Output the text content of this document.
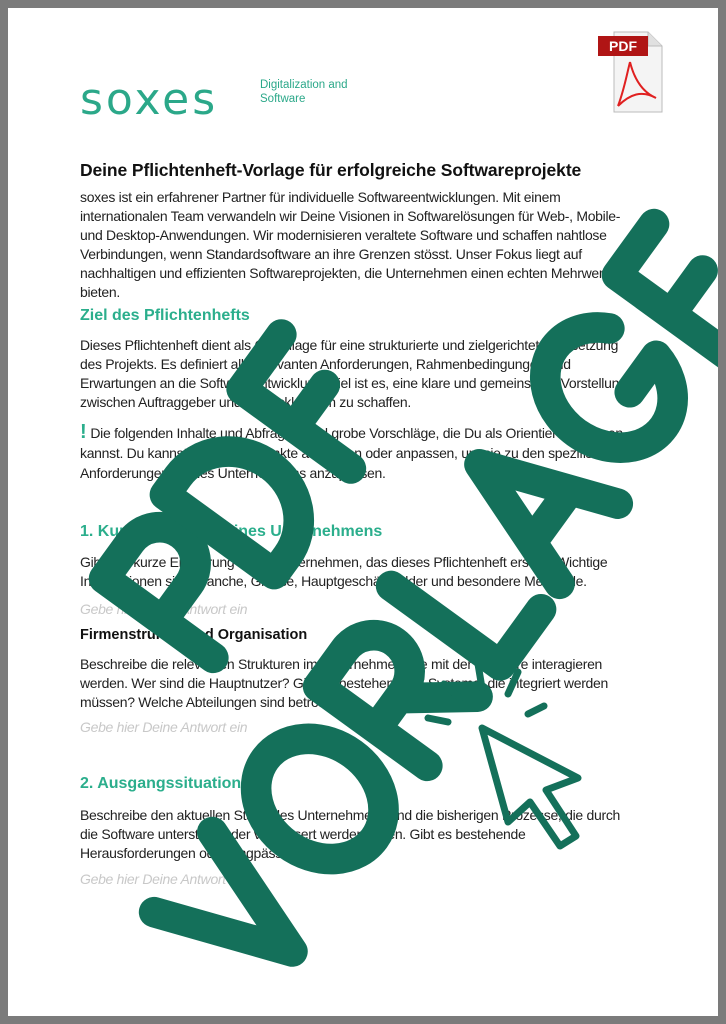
soxes	Digitalization and
Software
PDF
Deine Pflichtenheft-Vorlage für erfolgreiche Softwareprojekte
soxes ist ein erfahrener Partner für individuelle Softwareentwicklungen. Mit einem
internationalen Team verwandeln wir Deine Visionen in Softwarelösungen für Web-, Mobile-
und Desktop-Anwendungen. Wir modernisieren veraltete Software und schaffen nahtlose
Verbindungen, wenn Standardsoftware an ihre Grenzen stösst. Unser Fokus liegt auf
nachhaltigen und effizienten Softwareprojekten, die Unternehmen einen echten Mehrwert
bieten.
Ziel des Pflichtenhefts
Dieses Pflichtenheft dient als Grundlage für eine strukturierte und zielgerichtete Umsetzung
des Projekts. Es definiert alle relevanten Anforderungen, Rahmenbedingungen und
Erwartungen an die Softwareentwicklung. Ziel ist es, eine klare und gemeinsame Vorstellung
zwischen Auftraggeber und Entwicklerteam zu schaffen.
! Die folgenden Inhalte und Abfragen sind grobe Vorschläge, die Du als Orientierung nutzen
kannst. Du kannst bestimmte Punkte auslassen oder anpassen, um sie zu den spezifischen
Anforderungen Deines Unternehmens anzupassen.
1. Kurzbeschrieb Deines Unternehmens
Gib eine kurze Einführung in das Unternehmen, das dieses Pflichtenheft erstellt. Wichtige
Informationen sind Branche, Grösse, Hauptgeschäftsfelder und besondere Merkmale.
Gebe hier Deine Antwort ein
Firmenstruktur und Organisation
Beschreibe die relevanten Strukturen im Unternehmen, die mit der Software interagieren
werden. Wer sind die Hauptnutzer? Gibt es bestehende IT-Systeme, die integriert werden
müssen? Welche Abteilungen sind betroffen?
Gebe hier Deine Antwort ein
2. Ausgangssituation
Beschreibe den aktuellen Stand des Unternehmens und die bisherigen Prozesse, die durch
die Software unterstützt oder verbessert werden sollen. Gibt es bestehende
Herausforderungen oder Engpässe?
Gebe hier Deine Antwort ein
